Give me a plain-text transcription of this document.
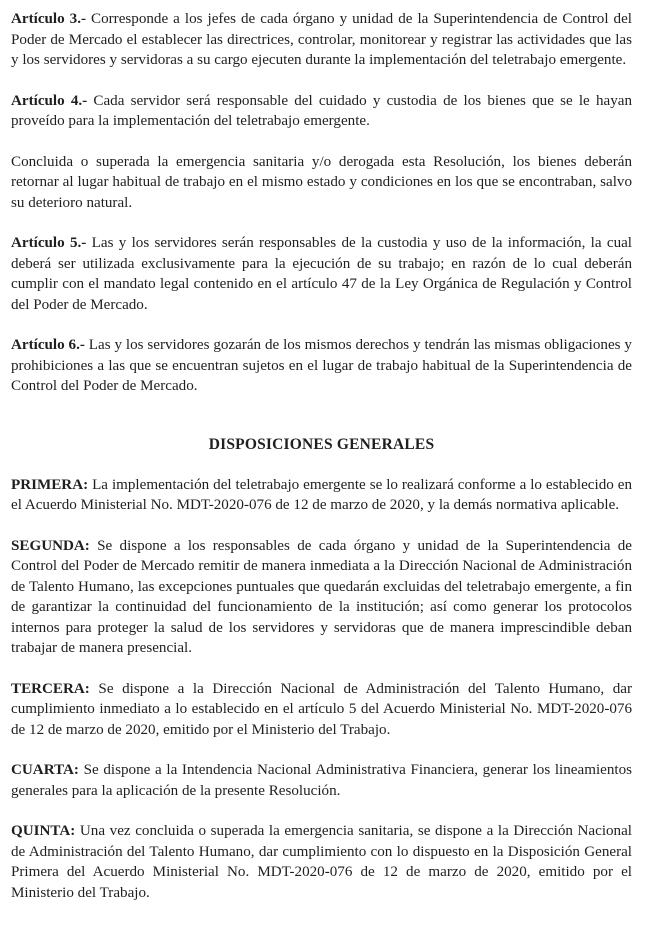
Artículo 3.- Corresponde a los jefes de cada órgano y unidad de la Superintendencia de Control del Poder de Mercado el establecer las directrices, controlar, monitorear y registrar las actividades que las y los servidores y servidoras a su cargo ejecuten durante la implementación del teletrabajo emergente.

Artículo 4.- Cada servidor será responsable del cuidado y custodia de los bienes que se le hayan proveído para la implementación del teletrabajo emergente.

Concluida o superada la emergencia sanitaria y/o derogada esta Resolución, los bienes deberán retornar al lugar habitual de trabajo en el mismo estado y condiciones en los que se encontraban, salvo su deterioro natural.

Artículo 5.- Las y los servidores serán responsables de la custodia y uso de la información, la cual deberá ser utilizada exclusivamente para la ejecución de su trabajo; en razón de lo cual deberán cumplir con el mandato legal contenido en el artículo 47 de la Ley Orgánica de Regulación y Control del Poder de Mercado.

Artículo 6.- Las y los servidores gozarán de los mismos derechos y tendrán las mismas obligaciones y prohibiciones a las que se encuentran sujetos en el lugar de trabajo habitual de la Superintendencia de Control del Poder de Mercado.

DISPOSICIONES GENERALES

PRIMERA: La implementación del teletrabajo emergente se lo realizará conforme a lo establecido en el Acuerdo Ministerial No. MDT-2020-076 de 12 de marzo de 2020, y la demás normativa aplicable.

SEGUNDA: Se dispone a los responsables de cada órgano y unidad de la Superintendencia de Control del Poder de Mercado remitir de manera inmediata a la Dirección Nacional de Administración de Talento Humano, las excepciones puntuales que quedarán excluidas del teletrabajo emergente, a fin de garantizar la continuidad del funcionamiento de la institución; así como generar los protocolos internos para proteger la salud de los servidores y servidoras que de manera imprescindible deban trabajar de manera presencial.

TERCERA: Se dispone a la Dirección Nacional de Administración del Talento Humano, dar cumplimiento inmediato a lo establecido en el artículo 5 del Acuerdo Ministerial No. MDT-2020-076 de 12 de marzo de 2020, emitido por el Ministerio del Trabajo.

CUARTA: Se dispone a la Intendencia Nacional Administrativa Financiera, generar los lineamientos generales para la aplicación de la presente Resolución.

QUINTA: Una vez concluida o superada la emergencia sanitaria, se dispone a la Dirección Nacional de Administración del Talento Humano, dar cumplimiento con lo dispuesto en la Disposición General Primera del Acuerdo Ministerial No. MDT-2020-076 de 12 de marzo de 2020, emitido por el Ministerio del Trabajo.
